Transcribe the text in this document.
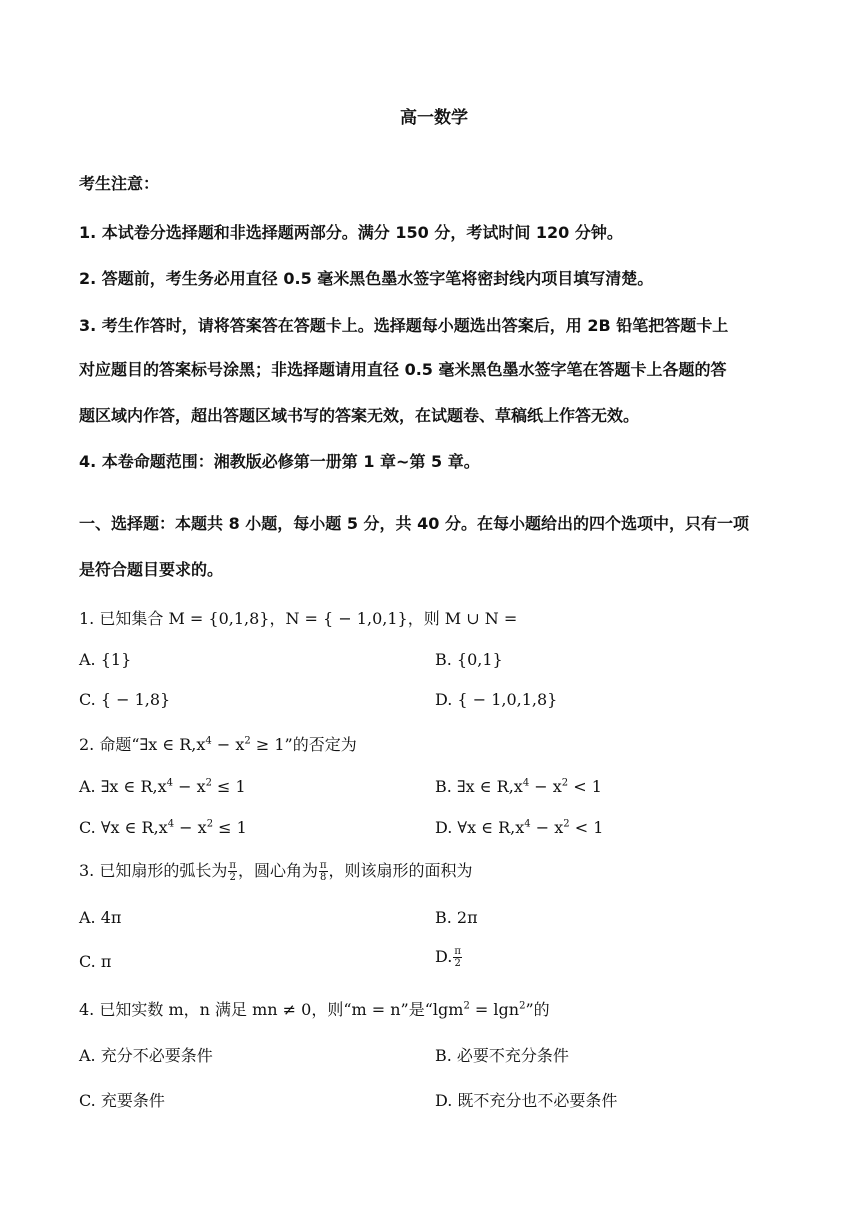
高一数学
考生注意：
1. 本试卷分选择题和非选择题两部分。满分 150 分，考试时间 120 分钟。
2. 答题前，考生务必用直径 0.5 毫米黑色墨水签字笔将密封线内项目填写清楚。
3. 考生作答时，请将答案答在答题卡上。选择题每小题选出答案后，用 2B 铅笔把答题卡上
对应题目的答案标号涂黑；非选择题请用直径 0.5 毫米黑色墨水签字笔在答题卡上各题的答
题区域内作答，超出答题区域书写的答案无效，在试题卷、草稿纸上作答无效。
4. 本卷命题范围：湘教版必修第一册第 1 章~第 5 章。
一、选择题：本题共 8 小题，每小题 5 分，共 40 分。在每小题给出的四个选项中，只有一项
是符合题目要求的。
1. 已知集合 M = {0,1,8}，N = { − 1,0,1}，则 M ∪ N =
A. {1}	B. {0,1}
C. { − 1,8}	D. { − 1,0,1,8}
2. 命题“∃x ∈ $R,x^4 - x^2 \ge 1$”的否定为
A. ∃x ∈ $R,x^4 - x^2 \le 1$	B. ∃x ∈ $R,x^4 - x^2 < 1$
C. ∀x ∈ $R,x^4 - x^2 \le 1$	D. ∀x ∈ $R,x^4 - x^2 < 1$
3. 已知扇形的弧长为 $\frac{\pi}{2}$ ，圆心角为 $\frac{\pi}{8}$ ，则该扇形的面积为
A. 4π	B. 2π
C. π	D. $\frac{\pi}{2}$
4. 已知实数 m，n 满足 mn ≠ 0，则“m = n”是“lgm$^2$ = lgn$^2$”的
A. 充分不必要条件	B. 必要不充分条件
C. 充要条件	D. 既不充分也不必要条件
